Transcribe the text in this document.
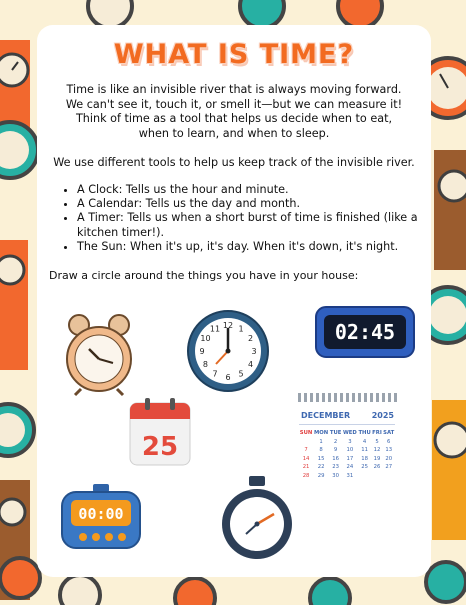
WHAT IS TIME?

Time is like an invisible river that is always moving forward.

We can't see it, touch it, or smell it—but we can measure it!

Think of time as a tool that helps us decide when to eat,

when to learn, and when to sleep.

We use different tools to help us keep track of the invisible river.

• A Clock: Tells us the hour and minute.
• A Calendar: Tells us the day and month.
• A Timer: Tells us when a short burst of time is finished (like a kitchen timer!).
• The Sun: When it's up, it's day. When it's down, it's night.

Draw a circle around the things you have in your house:

12 1
2
3
4
5
6
7
8
9
10
11	02:45
25
DECEMBER	2025
SUN	MON	TUE	WED	THU	FRI	SAT
	1	2	3	4	5	6
7	8	9	10	11	12	13
14	15	16	17	18	19	20
21	22	23	24	25	26	27
28	29	30	31			
00:00
